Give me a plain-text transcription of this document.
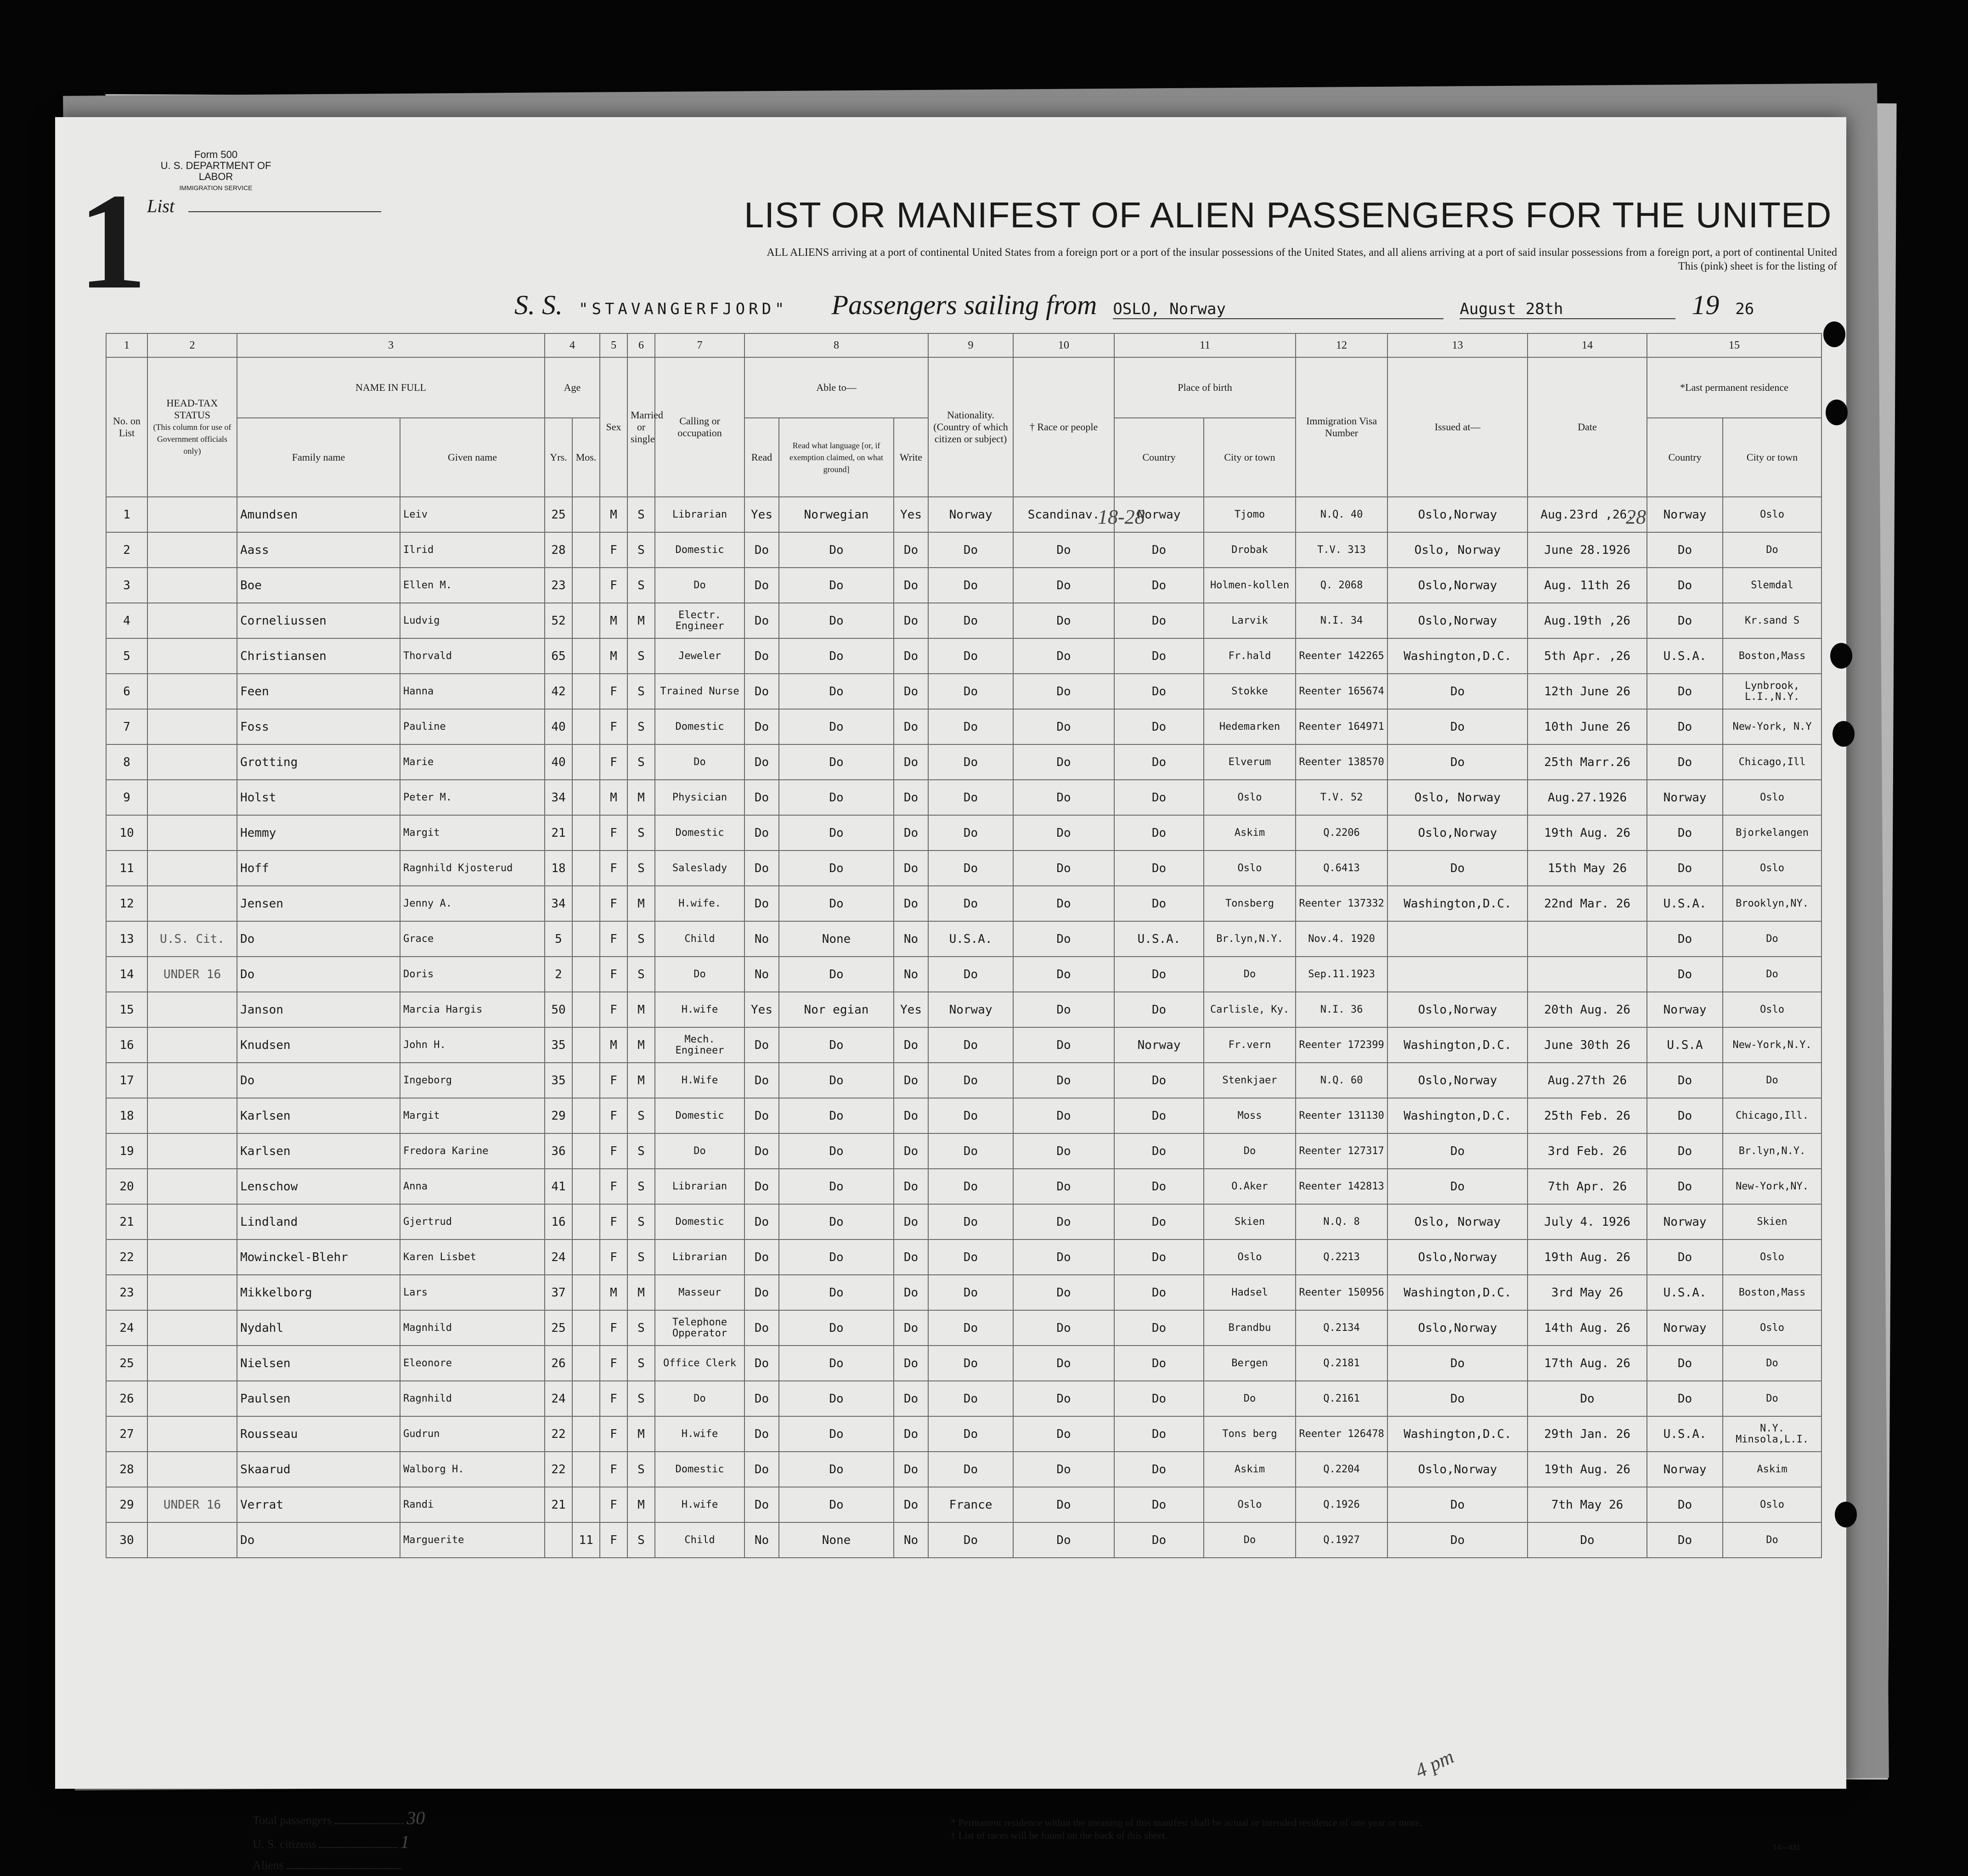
Form 500
U. S. DEPARTMENT OF LABOR
IMMIGRATION SERVICE
1 List	LIST OR MANIFEST OF ALIEN PASSENGERS FOR THE UNITED
ALL ALIENS arriving at a port of continental United States from a foreign port or a port of the insular possessions of the United States, and all aliens arriving at a port of said insular possessions from a foreign port, a port of continental United
This (pink) sheet is for the listing of
S. S. "STAVANGERFJORD" Passengers sailing from OSLO, Norway	August 28th	19 26
1	2	3		4		5	6	7	8			9	10	11		12	13	14	15	
No. on List	HEAD-TAX STATUS
(This column for use of Government officials only)	NAME IN FULL		Age		Sex	Married or single	Calling or occupation	Able to—			Nationality. (Country of which citizen or subject)	† Race or people	Place of birth		Immigration Visa Number	Issued at—	Date	*Last permanent residence	
		Family name	Given name	Yrs.	Mos.				Read	Read what language [or, if exemption claimed, on what ground]	Write			Country	City or town				Country	City or town
1		Amundsen	Leiv	25		M	S	Librarian	Yes	Norwegian	Yes	Norway	Scandinav.	Norway	Tjomo	N.Q. 40	Oslo,Norway	Aug.23rd ,26.	Norway	Oslo
2		Aass	Ilrid	28		F	S	Domestic	Do	Do	Do	Do	Do	Do	Drobak	T.V. 313	Oslo, Norway	June 28.1926	Do	Do
3		Boe	Ellen M.	23		F	S	Do	Do	Do	Do	Do	Do	Do	Holmen-kollen	Q. 2068	Oslo,Norway	Aug. 11th 26	Do	Slemdal
4		Corneliussen	Ludvig	52		M	M	Electr. Engineer	Do	Do	Do	Do	Do	Do	Larvik	N.I. 34	Oslo,Norway	Aug.19th ,26	Do	Kr.sand S
5		Christiansen	Thorvald	65		M	S	Jeweler	Do	Do	Do	Do	Do	Do	Fr.hald	Reenter 142265	Washington,D.C.	5th Apr. ,26	U.S.A.	Boston,Mass
6		Feen	Hanna	42		F	S	Trained Nurse	Do	Do	Do	Do	Do	Do	Stokke	Reenter 165674	Do	12th June 26	Do	Lynbrook, L.I.,N.Y.
7		Foss	Pauline	40		F	S	Domestic	Do	Do	Do	Do	Do	Do	Hedemarken	Reenter 164971	Do	10th June 26	Do	New-York, N.Y
8		Grotting	Marie	40		F	S	Do	Do	Do	Do	Do	Do	Do	Elverum	Reenter 138570	Do	25th Marr.26	Do	Chicago,Ill
9		Holst	Peter M.	34		M	M	Physician	Do	Do	Do	Do	Do	Do	Oslo	T.V. 52	Oslo, Norway	Aug.27.1926	Norway	Oslo
10		Hemmy	Margit	21		F	S	Domestic	Do	Do	Do	Do	Do	Do	Askim	Q.2206	Oslo,Norway	19th Aug. 26	Do	Bjorkelangen
11		Hoff	Ragnhild Kjosterud	18		F	S	Saleslady	Do	Do	Do	Do	Do	Do	Oslo	Q.6413	Do	15th May 26	Do	Oslo
12		Jensen	Jenny A.	34		F	M	H.wife.	Do	Do	Do	Do	Do	Do	Tonsberg	Reenter 137332	Washington,D.C.	22nd Mar. 26	U.S.A.	Brooklyn,NY.
13	U.S. Cit.	Do	Grace	5		F	S	Child	No	None	No	U.S.A.	Do	U.S.A.	Br.lyn,N.Y.	Nov.4. 1920			Do	Do
14	UNDER 16	Do	Doris	2		F	S	Do	No	Do	No	Do	Do	Do	Do	Sep.11.1923			Do	Do
15		Janson	Marcia Hargis	50		F	M	H.wife	Yes	Nor egian	Yes	Norway	Do	Do	Carlisle, Ky.	N.I. 36	Oslo,Norway	20th Aug. 26	Norway	Oslo
16		Knudsen	John H.	35		M	M	Mech. Engineer	Do	Do	Do	Do	Do	Norway	Fr.vern	Reenter 172399	Washington,D.C.	June 30th 26	U.S.A	New-York,N.Y.
17		Do	Ingeborg	35		F	M	H.Wife	Do	Do	Do	Do	Do	Do	Stenkjaer	N.Q. 60	Oslo,Norway	Aug.27th 26	Do	Do
18		Karlsen	Margit	29		F	S	Domestic	Do	Do	Do	Do	Do	Do	Moss	Reenter 131130	Washington,D.C.	25th Feb. 26	Do	Chicago,Ill.
19		Karlsen	Fredora Karine	36		F	S	Do	Do	Do	Do	Do	Do	Do	Do	Reenter 127317	Do	3rd Feb. 26	Do	Br.lyn,N.Y.
20		Lenschow	Anna	41		F	S	Librarian	Do	Do	Do	Do	Do	Do	O.Aker	Reenter 142813	Do	7th Apr. 26	Do	New-York,NY.
21		Lindland	Gjertrud	16		F	S	Domestic	Do	Do	Do	Do	Do	Do	Skien	N.Q. 8	Oslo, Norway	July 4. 1926	Norway	Skien
22		Mowinckel-Blehr	Karen Lisbet	24		F	S	Librarian	Do	Do	Do	Do	Do	Do	Oslo	Q.2213	Oslo,Norway	19th Aug. 26	Do	Oslo
23		Mikkelborg	Lars	37		M	M	Masseur	Do	Do	Do	Do	Do	Do	Hadsel	Reenter 150956	Washington,D.C.	3rd May 26	U.S.A.	Boston,Mass
24		Nydahl	Magnhild	25		F	S	Telephone Opperator	Do	Do	Do	Do	Do	Do	Brandbu	Q.2134	Oslo,Norway	14th Aug. 26	Norway	Oslo
25		Nielsen	Eleonore	26		F	S	Office Clerk	Do	Do	Do	Do	Do	Do	Bergen	Q.2181	Do	17th Aug. 26	Do	Do
26		Paulsen	Ragnhild	24		F	S	Do	Do	Do	Do	Do	Do	Do	Do	Q.2161	Do	Do	Do	Do
27		Rousseau	Gudrun	22		F	M	H.wife	Do	Do	Do	Do	Do	Do	Tons berg	Reenter 126478	Washington,D.C.	29th Jan. 26	U.S.A.	N.Y. Minsola,L.I.
28		Skaarud	Walborg H.	22		F	S	Domestic	Do	Do	Do	Do	Do	Do	Askim	Q.2204	Oslo,Norway	19th Aug. 26	Norway	Askim
29	UNDER 16	Verrat	Randi	21		F	M	H.wife	Do	Do	Do	France	Do	Do	Oslo	Q.1926	Do	7th May 26	Do	Oslo
30		Do	Marguerite		11	F	S	Child	No	None	No	Do	Do	Do	Do	Q.1927	Do	Do	Do	Do
18-28	28
4 pm
Total passengers	30
U. S. citizens	1
Aliens
* Permanent residence within the meaning of this manifest shall be actual or intended residence of one year or more.
† List of races will be found on the back of this sheet.
14—431
